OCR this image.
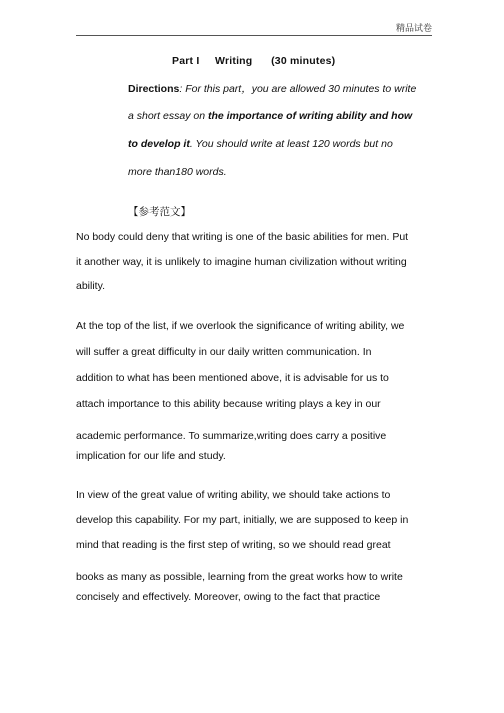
精品试卷
Part I     Writing      (30 minutes)
Directions: For this part，you are allowed 30 minutes to write
a short essay on the importance of writing ability and how
to develop it. You should write at least 120 words but no
more than180 words.
【参考范文】
No body could deny that writing is one of the basic abilities for men. Put
it another way, it is unlikely to imagine human civilization without writing
ability.
At the top of the list, if we overlook the significance of writing ability, we
will suffer a great difficulty in our daily written communication. In
addition to what has been mentioned above, it is advisable for us to
attach importance to this ability because writing plays a key in our
academic performance. To summarize,writing does carry a positive
implication for our life and study.
In view of the great value of writing ability, we should take actions to
develop this capability. For my part, initially, we are supposed to keep in
mind that reading is the first step of writing, so we should read great
books as many as possible, learning from the great works how to write
concisely and effectively. Moreover, owing to the fact that practice
